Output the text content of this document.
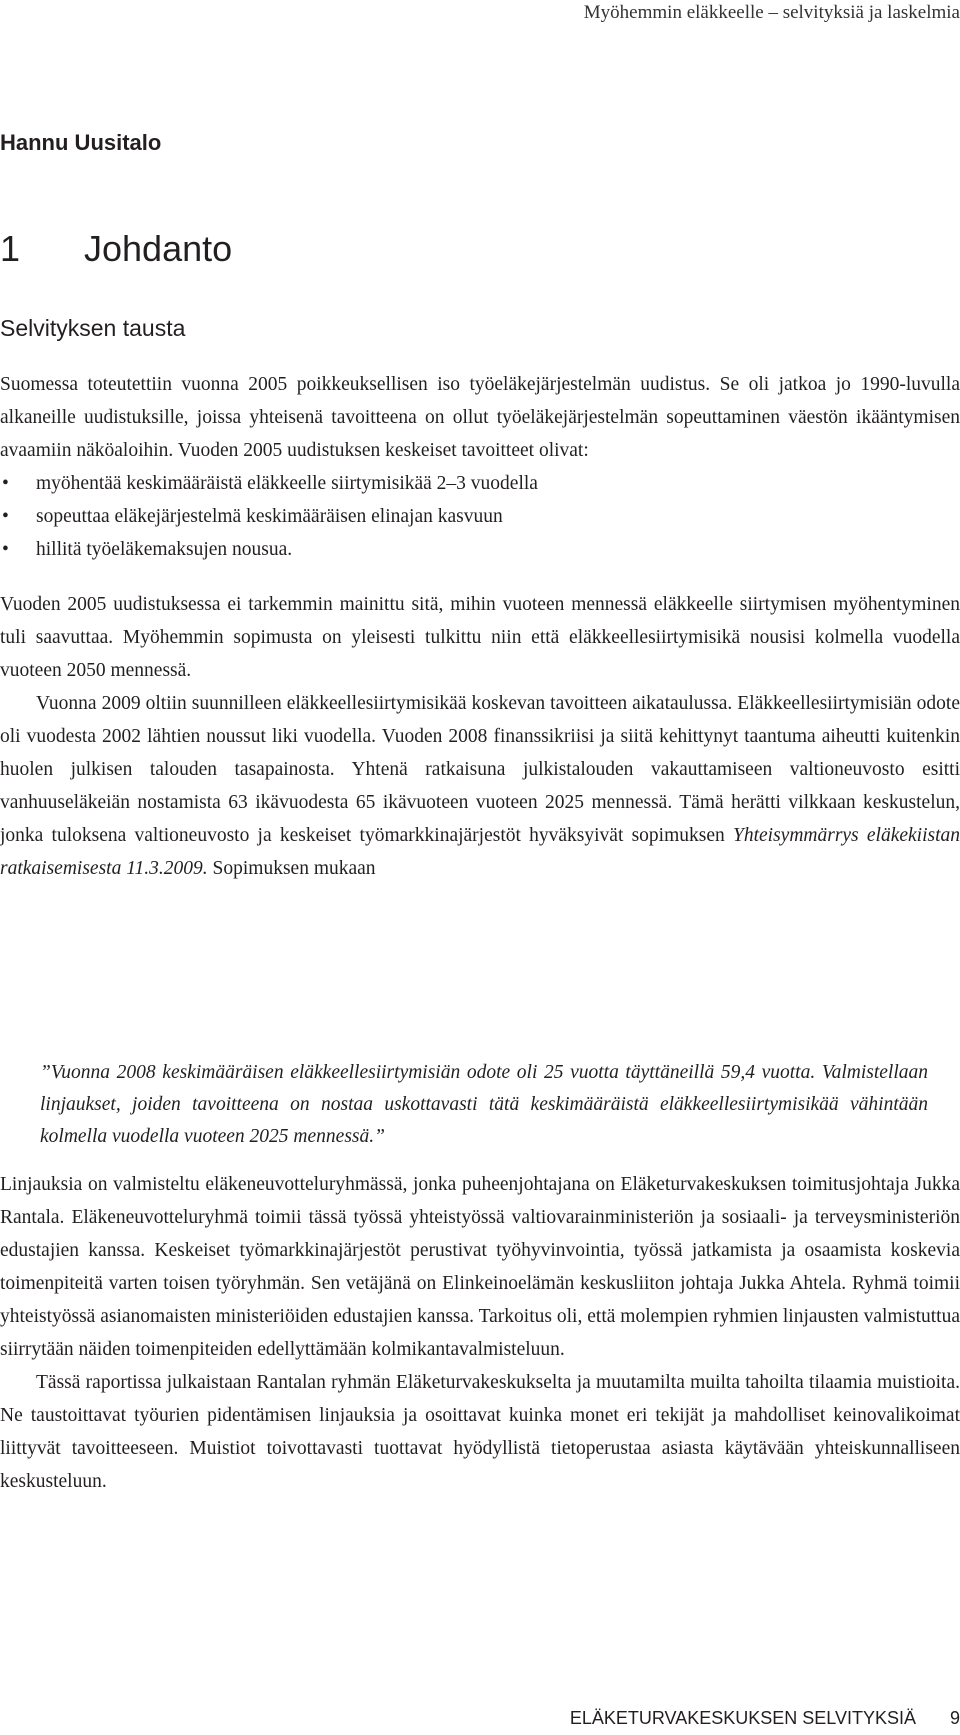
Myöhemmin eläkkeelle – selvityksiä ja laskelmia
Hannu Uusitalo
1 Johdanto
Selvityksen tausta

Suomessa toteutettiin vuonna 2005 poikkeuksellisen iso työeläkejärjestelmän uudistus. Se oli jatkoa jo 1990-luvulla alkaneille uudistuksille, joissa yhteisenä tavoitteena on ollut työeläkejärjestelmän sopeuttaminen väestön ikääntymisen avaamiin näköaloihin. Vuoden 2005 uudistuksen keskeiset tavoitteet olivat:

• myöhentää keskimääräistä eläkkeelle siirtymisikää 2–3 vuodella
• sopeuttaa eläkejärjestelmä keskimääräisen elinajan kasvuun
• hillitä työeläkemaksujen nousua.

Vuoden 2005 uudistuksessa ei tarkemmin mainittu sitä, mihin vuoteen mennessä eläkkeelle siirtymisen myöhentyminen tuli saavuttaa. Myöhemmin sopimusta on yleisesti tulkittu niin että eläkkeellesiirtymisikä nousisi kolmella vuodella vuoteen 2050 mennessä.

Vuonna 2009 oltiin suunnilleen eläkkeellesiirtymisikää koskevan tavoitteen aikataulussa. Eläkkeellesiirtymisiän odote oli vuodesta 2002 lähtien noussut liki vuodella. Vuoden 2008 finanssikriisi ja siitä kehittynyt taantuma aiheutti kuitenkin huolen julkisen talouden tasapainosta. Yhtenä ratkaisuna julkistalouden vakauttamiseen valtioneuvosto esitti vanhuuseläkeiän nostamista 63 ikävuodesta 65 ikävuoteen vuoteen 2025 mennessä. Tämä herätti vilkkaan keskustelun, jonka tuloksena valtioneuvosto ja keskeiset työmarkkinajärjestöt hyväksyivät sopimuksen Yhteisymmärrys eläkekiistan ratkaisemisesta 11.3.2009. Sopimuksen mukaan

”Vuonna 2008 keskimääräisen eläkkeellesiirtymisiän odote oli 25 vuotta täyttäneillä 59,4 vuotta. Valmistellaan linjaukset, joiden tavoitteena on nostaa uskottavasti tätä keskimääräistä eläkkeellesiirtymisikää vähintään kolmella vuodella vuoteen 2025 mennessä.”

Linjauksia on valmisteltu eläkeneuvotteluryhmässä, jonka puheenjohtajana on Eläketurvakeskuksen toimitusjohtaja Jukka Rantala. Eläkeneuvotteluryhmä toimii tässä työssä yhteistyössä valtiovarainministeriön ja sosiaali- ja terveysministeriön edustajien kanssa. Keskeiset työmarkkinajärjestöt perustivat työhyvinvointia, työssä jatkamista ja osaamista koskevia toimenpiteitä varten toisen työryhmän. Sen vetäjänä on Elinkeinoelämän keskusliiton johtaja Jukka Ahtela. Ryhmä toimii yhteistyössä asianomaisten ministeriöiden edustajien kanssa. Tarkoitus oli, että molempien ryhmien linjausten valmistuttua siirrytään näiden toimenpiteiden edellyttämään kolmikantavalmisteluun.

Tässä raportissa julkaistaan Rantalan ryhmän Eläketurvakeskukselta ja muutamilta muilta tahoilta tilaamia muistioita. Ne taustoittavat työurien pidentämisen linjauksia ja osoittavat kuinka monet eri tekijät ja mahdolliset keinovalikoimat liittyvät tavoitteeseen. Muistiot toivottavasti tuottavat hyödyllistä tietoperustaa asiasta käytävään yhteiskunnalliseen keskusteluun.

ELÄKETURVAKESKUKSEN SELVITYKSIÄ 9
